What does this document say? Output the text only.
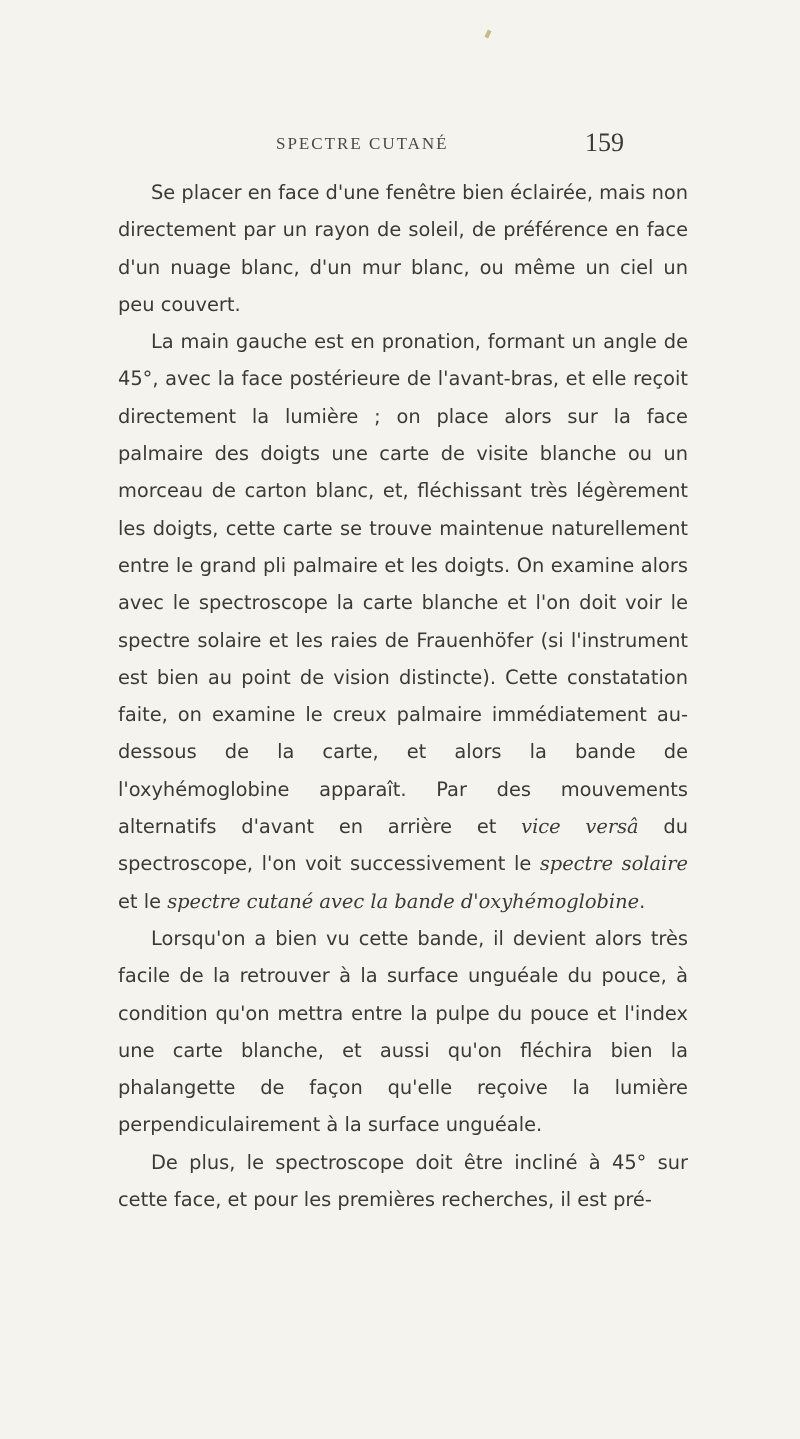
SPECTRE CUTANÉ	159

Se placer en face d'une fenêtre bien éclairée, mais non directement par un rayon de soleil, de préférence en face d'un nuage blanc, d'un mur blanc, ou même un ciel un peu couvert.

La main gauche est en pronation, formant un angle de 45°, avec la face postérieure de l'avant-bras, et elle reçoit directement la lumière ; on place alors sur la face palmaire des doigts une carte de visite blanche ou un morceau de carton blanc, et, fléchissant très légèrement les doigts, cette carte se trouve maintenue naturellement entre le grand pli palmaire et les doigts. On examine alors avec le spectroscope la carte blanche et l'on doit voir le spectre solaire et les raies de Frauenhöfer (si l'instrument est bien au point de vision distincte). Cette constatation faite, on examine le creux palmaire immédiatement au-dessous de la carte, et alors la bande de l'oxyhémoglobine apparaît. Par des mouvements alternatifs d'avant en arrière et vice versâ du spectroscope, l'on voit successivement le spectre solaire et le spectre cutané avec la bande d'oxyhémoglobine.

Lorsqu'on a bien vu cette bande, il devient alors très facile de la retrouver à la surface unguéale du pouce, à condition qu'on mettra entre la pulpe du pouce et l'index une carte blanche, et aussi qu'on fléchira bien la phalangette de façon qu'elle reçoive la lumière perpendiculairement à la surface unguéale.

De plus, le spectroscope doit être incliné à 45° sur cette face, et pour les premières recherches, il est pré-
